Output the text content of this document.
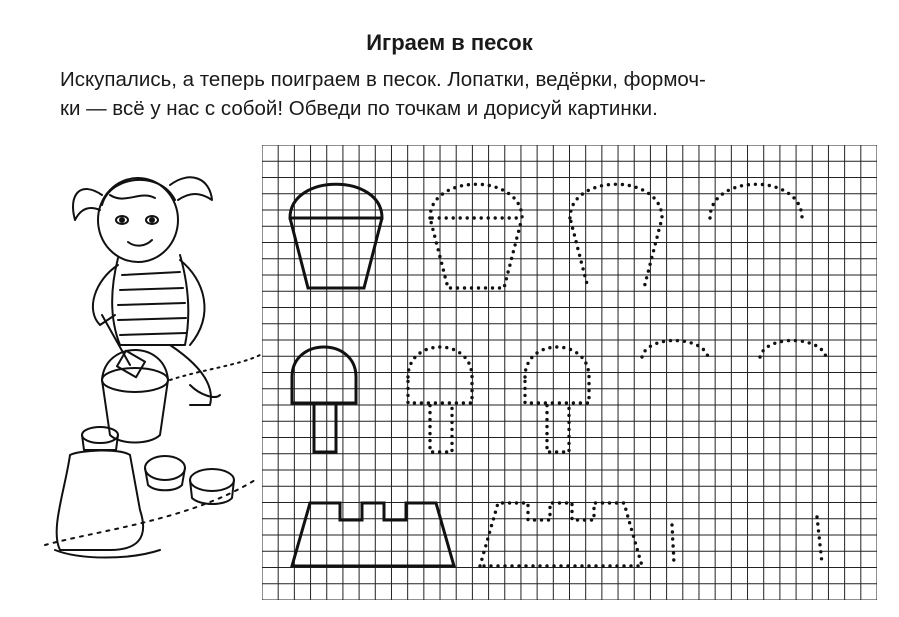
Играем в песок
Искупались, а теперь поиграем в песок. Лопатки, ведёрки, формоч-
ки — всё у нас с собой! Обведи по точкам и дорисуй картинки.
